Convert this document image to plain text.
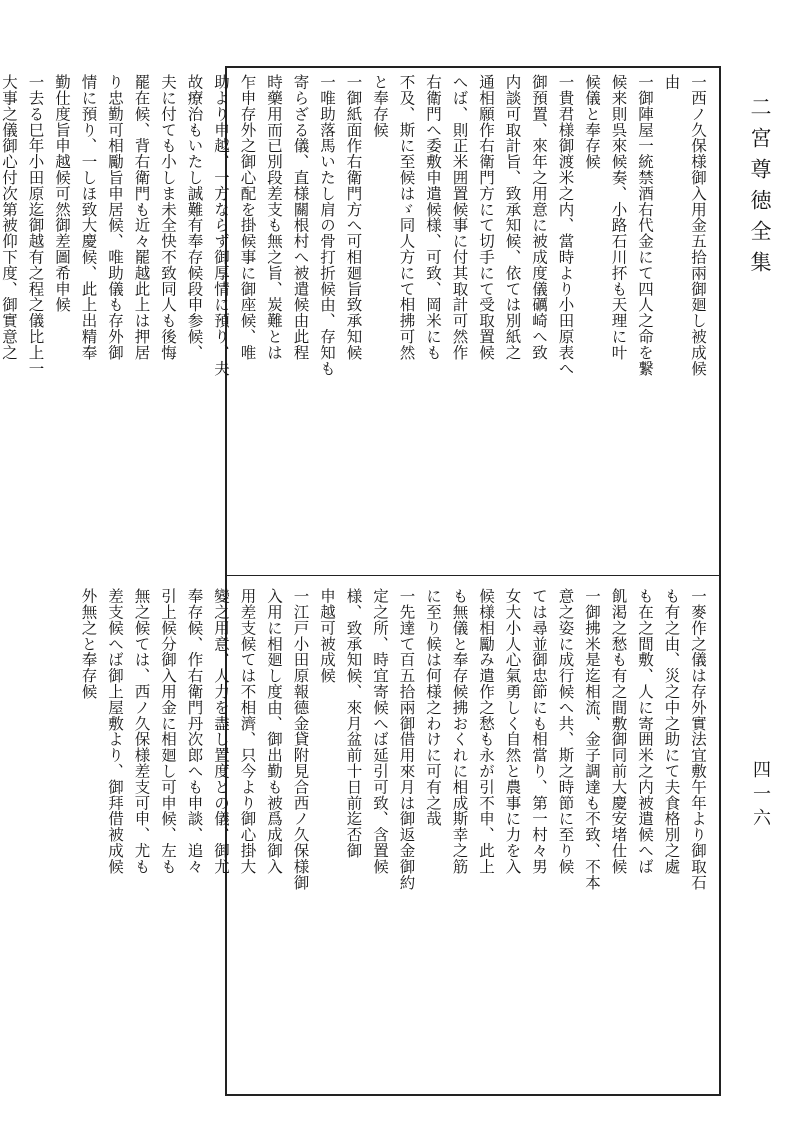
二宮尊徳全集

一西ノ久保様御入用金五拾兩御廻し被成候

由

一御陣屋一統禁酒右代金にて四人之命を繋

候来則呉來候奏、小路石川抔も天理に叶

候儀と奉存候

一貴君様御渡米之内、當時より小田原表へ

御預置、來年之用意に被成度儀礪崎へ致

内談可取計旨、致承知候、依ては別紙之

通相願作右衛門方にて切手にて受取置候

へば、則正米囲置候事に付其取計可然作

右衛門へ委敷申遣候様、可致、岡米にも

不及、斯に至候はゞ同人方にて相拂可然

と奉存候

一御紙面作右衛門方へ可相廻旨致承知候

一唯助落馬いたし肩の骨打折候由、存知も

寄らざる儀、直様關根村へ被遣候由此程

時藥用而已別段差支も無之旨、炭難とは

乍申存外之御心配を掛候事に御座候、唯

助より申越、一方ならず御厚情に預り、夫

故療治もいたし誠難有奉存候段申参候、

夫に付ても小しま未全快不致同人も後悔

罷在候、背右衛門も近々罷越此上は押居

り忠勤可相勵旨申居候、唯助儀も存外御

情に預り、一しほ致大慶候、此上出精奉

勤仕度旨申越候可然御差圖希申候

一去る巳年小田原迄御越有之程之儀比上一

大事之儀御心付次第被仰下度、御實意之

一麥作之儀は存外實法宜敷午年より御取石

も有之由、災之中之助にて夫食格別之處

も在之間敷、人に寄囲米之内被遣候へば

飢渇之愁も有之間敷御同前大慶安堵仕候

一御拂米是迄相流、金子調達も不致、不本

意之姿に成行候へ共、斯之時節に至り候

ては尋並御忠節にも相當り、第一村々男

女大小人心氣勇しく自然と農事に力を入

候様相勵み遣作之愁も永が引不申、此上

も無儀と奉存候拂おくれに相成斯幸之筋

に至り候は何様之わけに可有之哉

一先達て百五拾兩御借用來月は御返金御約

定之所、時宜寄候へば延引可致、含置候

様、致承知候、來月盆前十日前迄否御

申越可被成候

一江戸小田原報德金貸附見合西ノ久保様御

入用に相廻し度由、御出勤も被爲成御入

用差支候ては不相濟、只今より御心掛大

變之用意、人力を盡し置度との儀、御尤

奉存候、作右衛門丹次郎へも申談、追々

引上候分御入用金に相廻し可申候、左も

無之候ては、西ノ久保様差支可申、尤も

差支候へば御上屋敷より、御拜借被成候

外無之と奉存候

四一六
